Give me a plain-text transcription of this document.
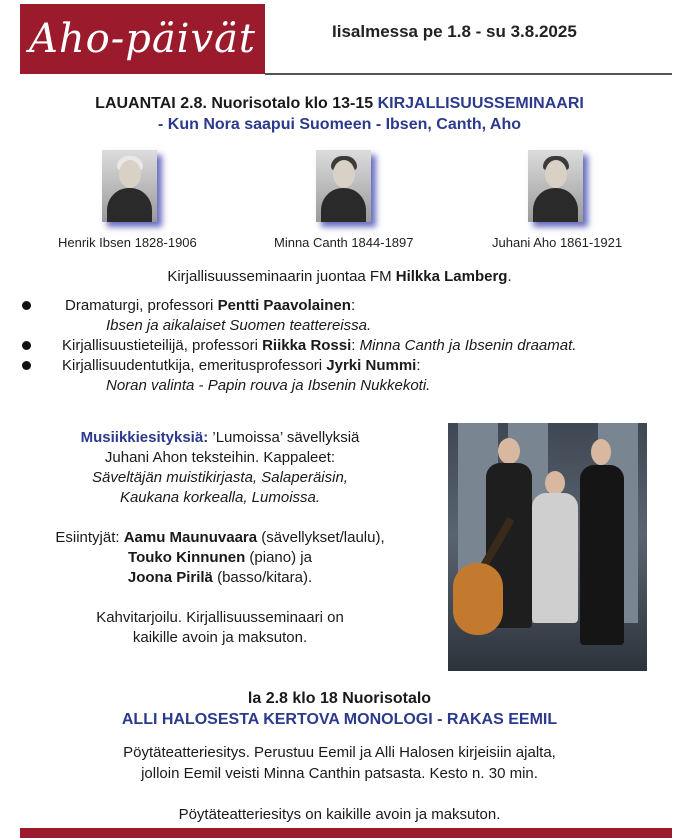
Aho-päivät	Iisalmessa pe 1.8 - su 3.8.2025
LAUANTAI 2.8. Nuorisotalo klo 13-15 KIRJALLISUUSSEMINAARI
- Kun Nora saapui Suomeen - Ibsen, Canth, Aho
Henrik Ibsen 1828-1906	Minna Canth 1844-1897	Juhani Aho 1861-1921
Kirjallisuusseminaarin juontaa FM Hilkka Lamberg.
Dramaturgi, professori Pentti Paavolainen:
Ibsen ja aikalaiset Suomen teattereissa.
Kirjallisuustieteilijä, professori Riikka Rossi: Minna Canth ja Ibsenin draamat.
Kirjallisuudentutkija, emeritusprofessori Jyrki Nummi:
Noran valinta - Papin rouva ja Ibsenin Nukkekoti.

Musiikkiesityksiä: ’Lumoissa’ sävellyksiä

Juhani Ahon teksteihin. Kappaleet:

Säveltäjän muistikirjasta, Salaperäisin,

Kaukana korkealla, Lumoissa.

Esiintyjät: Aamu Maunuvaara (sävellykset/laulu),

Touko Kinnunen (piano) ja

Joona Pirilä (basso/kitara).

Kahvitarjoilu. Kirjallisuusseminaari on

kaikille avoin ja maksuton.

la 2.8 klo 18 Nuorisotalo
ALLI HALOSESTA KERTOVA MONOLOGI - RAKAS EEMIL
Pöytäteatteriesitys. Perustuu Eemil ja Alli Halosen kirjeisiin ajalta,
jolloin Eemil veisti Minna Canthin patsasta. Kesto n. 30 min.
Pöytäteatteriesitys on kaikille avoin ja maksuton.
